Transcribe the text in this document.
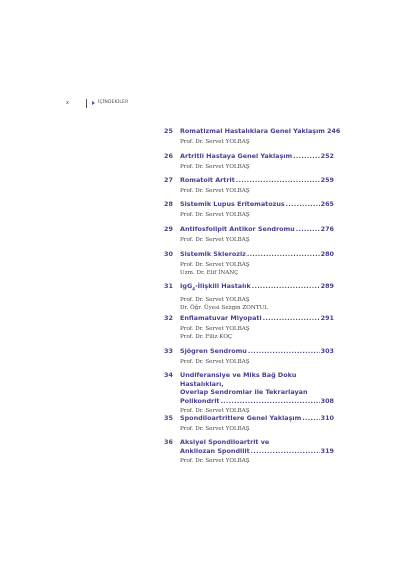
x	İÇİNDEKİLER
25 Romatizmal Hastalıklara Genel Yaklaşım 246
Prof. Dr. Servet YOLBAŞ
26 Artritli Hastaya Genel Yaklaşım .....	252
Prof. Dr. Servet YOLBAŞ
27 Romatoit Artrit .....	259
Prof. Dr. Servet YOLBAŞ
28 Sistemik Lupus Eritematozus .....	265
Prof. Dr. Servet YOLBAŞ
29 Antifosfolipit Antikor Sendromu .....	276
Prof. Dr. Servet YOLBAŞ
30 Sistemik Skleroziz .....	280
Prof. Dr. Servet YOLBAŞ
Uzm. Dr. Elif İNANÇ
31 IgG$_4$-İlişkili Hastalık .....	289
Prof. Dr. Servet YOLBAŞ
Dr. Öğr. Üyesi Sezgin ZONTUL
32 Enflamatuvar Miyopati .....	291
Prof. Dr. Servet YOLBAŞ
Prof. Dr. Filiz KOÇ
33 Sjögren Sendromu .....	303
Prof. Dr. Servet YOLBAŞ
34 Undiferansiye ve Miks Bağ Doku Hastalıkları,
Overlap Sendromlar ile Tekrarlayan
Polikondrit .....	308
Prof. Dr. Servet YOLBAŞ
35 Spondiloartritlere Genel Yaklaşım .....	310
Prof. Dr. Servet YOLBAŞ
36 Aksiyel Spondiloartrit ve
Ankilozan Spondilit .....	319
Prof. Dr. Servet YOLBAŞ
